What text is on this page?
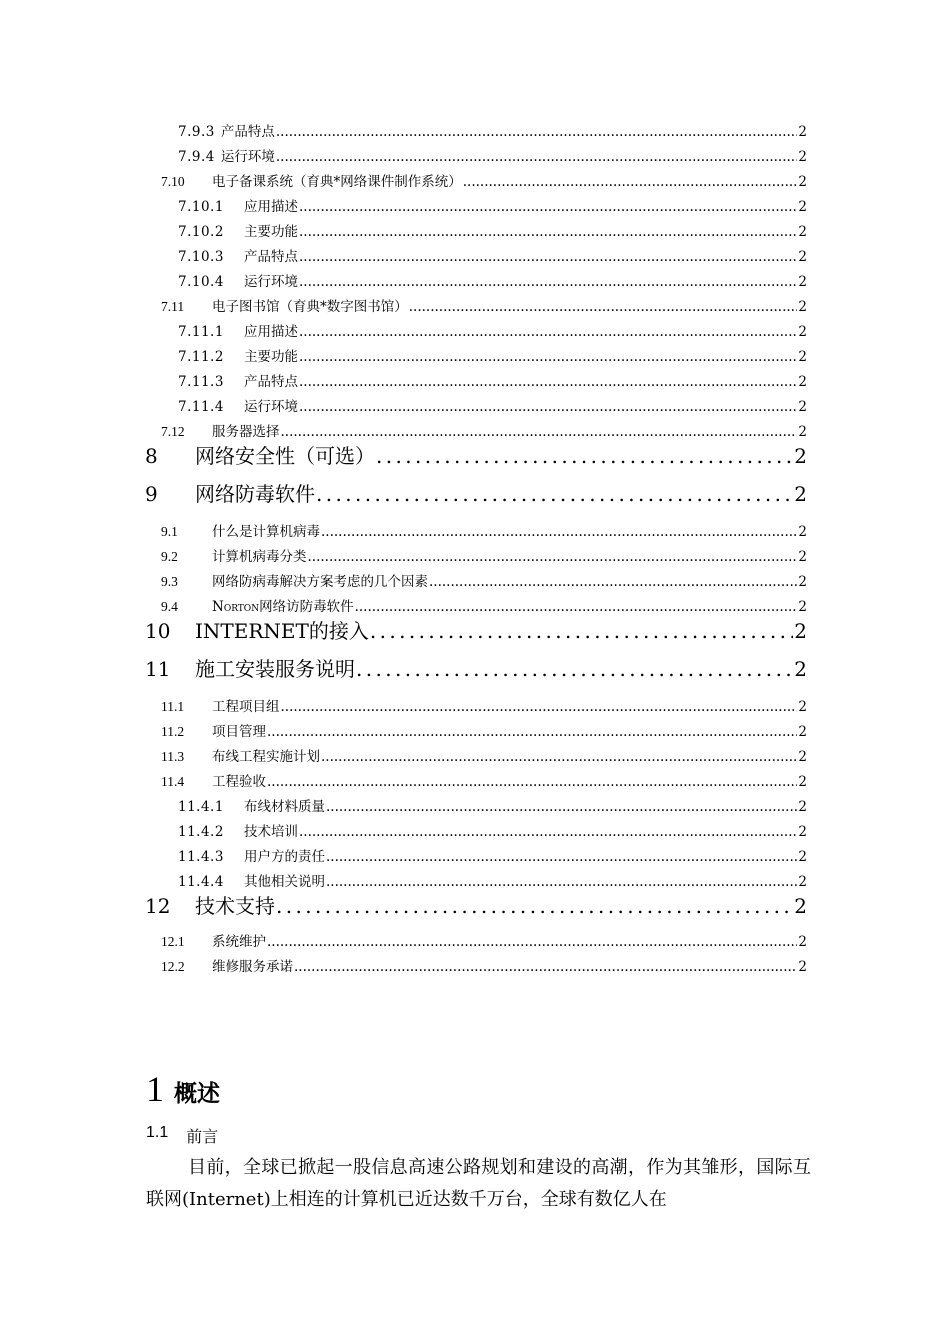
7.9.3 产品特点 .....	2
7.9.4 运行环境 .....	2
7.10	电子备课系统（育典*网络课件制作系统） .....	2
7.10.1	应用描述 .....	2
7.10.2	主要功能 .....	2
7.10.3	产品特点 .....	2
7.10.4	运行环境 .....	2
7.11	电子图书馆（育典*数字图书馆） .....	2
7.11.1	应用描述 .....	2
7.11.2	主要功能 .....	2
7.11.3	产品特点 .....	2
7.11.4	运行环境 .....	2
7.12	服务器选择 .....	2
8	网络安全性（可选） .....	2
9	网络防毒软件 .....	2
9.1	什么是计算机病毒 .....	2
9.2	计算机病毒分类 .....	2
9.3	网络防病毒解决方案考虑的几个因素 .....	2
9.4	Norton网络访防毒软件 .....	2
10	INTERNET的接入 .....	2
11	施工安装服务说明 .....	2
11.1	工程项目组 .....	2
11.2	项目管理 .....	2
11.3	布线工程实施计划 .....	2
11.4	工程验收 .....	2
11.4.1	布线材料质量 .....	2
11.4.2	技术培训 .....	2
11.4.3	用户方的责任 .....	2
11.4.4	其他相关说明 .....	2
12	技术支持 .....	2
12.1	系统维护 .....	2
12.2	维修服务承诺 .....	2
1 概述
1.1 前言
目前，全球已掀起一股信息高速公路规划和建设的高潮，作为其雏形，国际互联网(Internet)上相连的计算机已近达数千万台，全球有数亿人在
